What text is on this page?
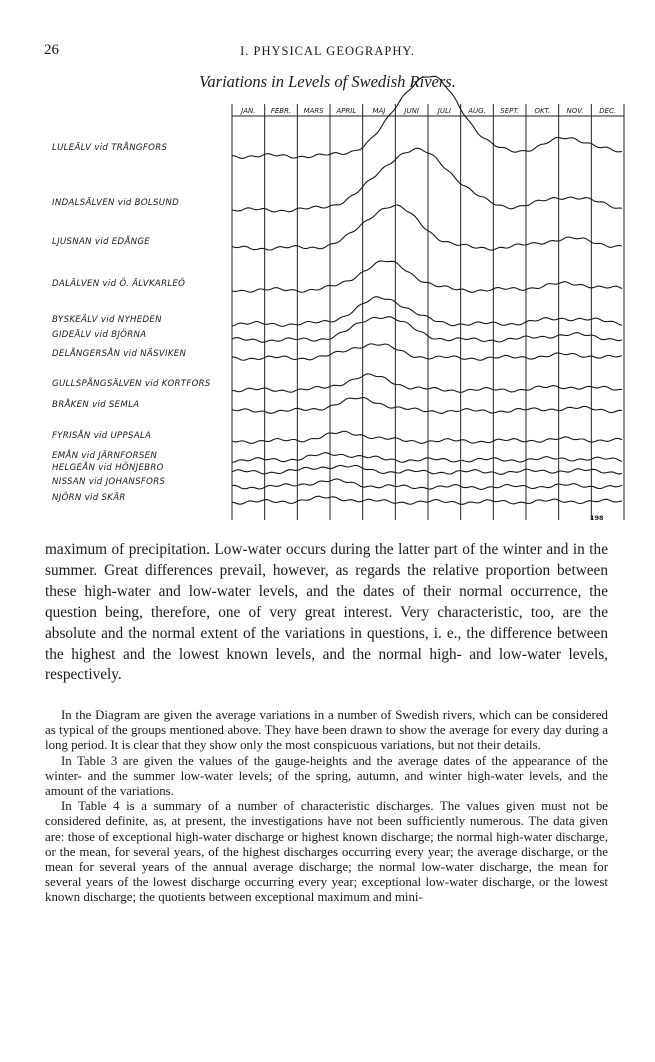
26	I. PHYSICAL GEOGRAPHY.
Variations in Levels of Swedish Rivers.
JAN. FEBR. MARS APRIL MAJ	JUNI	JULI AUG. SEPT. OKT. NOV. DEC.
LULEÄLV vid TRÅNGFORS
INDALSÄLVEN vid BOLSUND
LJUSNAN vid EDÅNGE
DALÄLVEN vid Ö. ÄLVKARLEÖ
BYSKEÄLV vid NYHEDEN
GIDEÄLV vid BJÖRNA
DELÅNGERSÅN vid NÄSVIKEN
GULLSPÅNGSÄLVEN vid KORTFORS
BRÅKEN vid SEMLA
FYRISÅN vid UPPSALA
EMÅN vid JÄRNFORSEN
HELGEÅN vid HÖNJEBRO
NISSAN vid JOHANSFORS
NJÖRN vid SKÄR
198

maximum of precipitation. Low-water occurs during the latter part of the winter and in the summer. Great differences prevail, however, as regards the relative proportion between these high-water and low-water levels, and the dates of their normal occurrence, the question being, therefore, one of very great interest. Very characteristic, too, are the absolute and the normal extent of the variations in questions, i. e., the difference between the highest and the lowest known levels, and the normal high- and low-water levels, respectively.

In the Diagram are given the average variations in a number of Swedish rivers, which can be considered as typical of the groups mentioned above. They have been drawn to show the average for every day during a long period. It is clear that they show only the most conspicuous variations, but not their details.

In Table 3 are given the values of the gauge-heights and the average dates of the appearance of the winter- and the summer low-water levels; of the spring, autumn, and winter high-water levels, and the amount of the variations.

In Table 4 is a summary of a number of characteristic discharges. The values given must not be considered definite, as, at present, the investigations have not been sufficiently numerous. The data given are: those of exceptional high-water discharge or highest known discharge; the normal high-water discharge, or the mean, for several years, of the highest discharges occurring every year; the average discharge, or the mean for several years of the annual average discharge; the normal low-water discharge, the mean for several years of the lowest discharge occurring every year; exceptional low-water discharge, or the lowest known discharge; the quotients between exceptional maximum and mini-
